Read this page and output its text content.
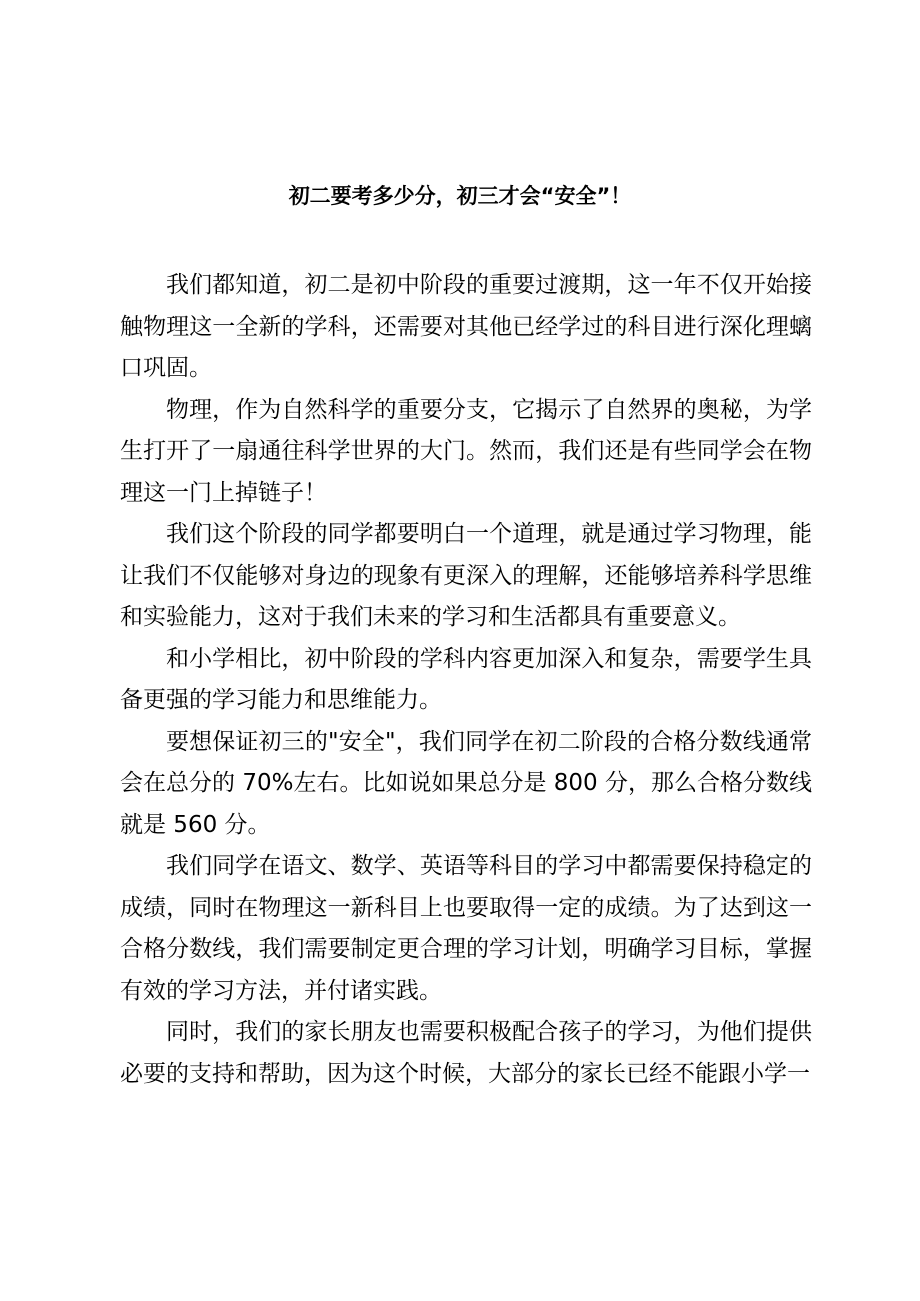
初二要考多少分，初三才会“安全”！

我们都知道，初二是初中阶段的重要过渡期，这一年不仅开始接触物理这一全新的学科，还需要对其他已经学过的科目进行深化理螭口巩固。

物理，作为自然科学的重要分支，它揭示了自然界的奥秘，为学生打开了一扇通往科学世界的大门。然而，我们还是有些同学会在物理这一门上掉链子！

我们这个阶段的同学都要明白一个道理，就是通过学习物理，能让我们不仅能够对身边的现象有更深入的理解，还能够培养科学思维和实验能力，这对于我们未来的学习和生活都具有重要意义。

和小学相比，初中阶段的学科内容更加深入和复杂，需要学生具备更强的学习能力和思维能力。

要想保证初三的"安全"，我们同学在初二阶段的合格分数线通常会在总分的 70%左右。比如说如果总分是 800 分，那么合格分数线就是 560 分。

我们同学在语文、数学、英语等科目的学习中都需要保持稳定的成绩，同时在物理这一新科目上也要取得一定的成绩。为了达到这一合格分数线，我们需要制定更合理的学习计划，明确学习目标，掌握有效的学习方法，并付诸实践。

同时，我们的家长朋友也需要积极配合孩子的学习，为他们提供必要的支持和帮助，因为这个时候，大部分的家长已经不能跟小学一
